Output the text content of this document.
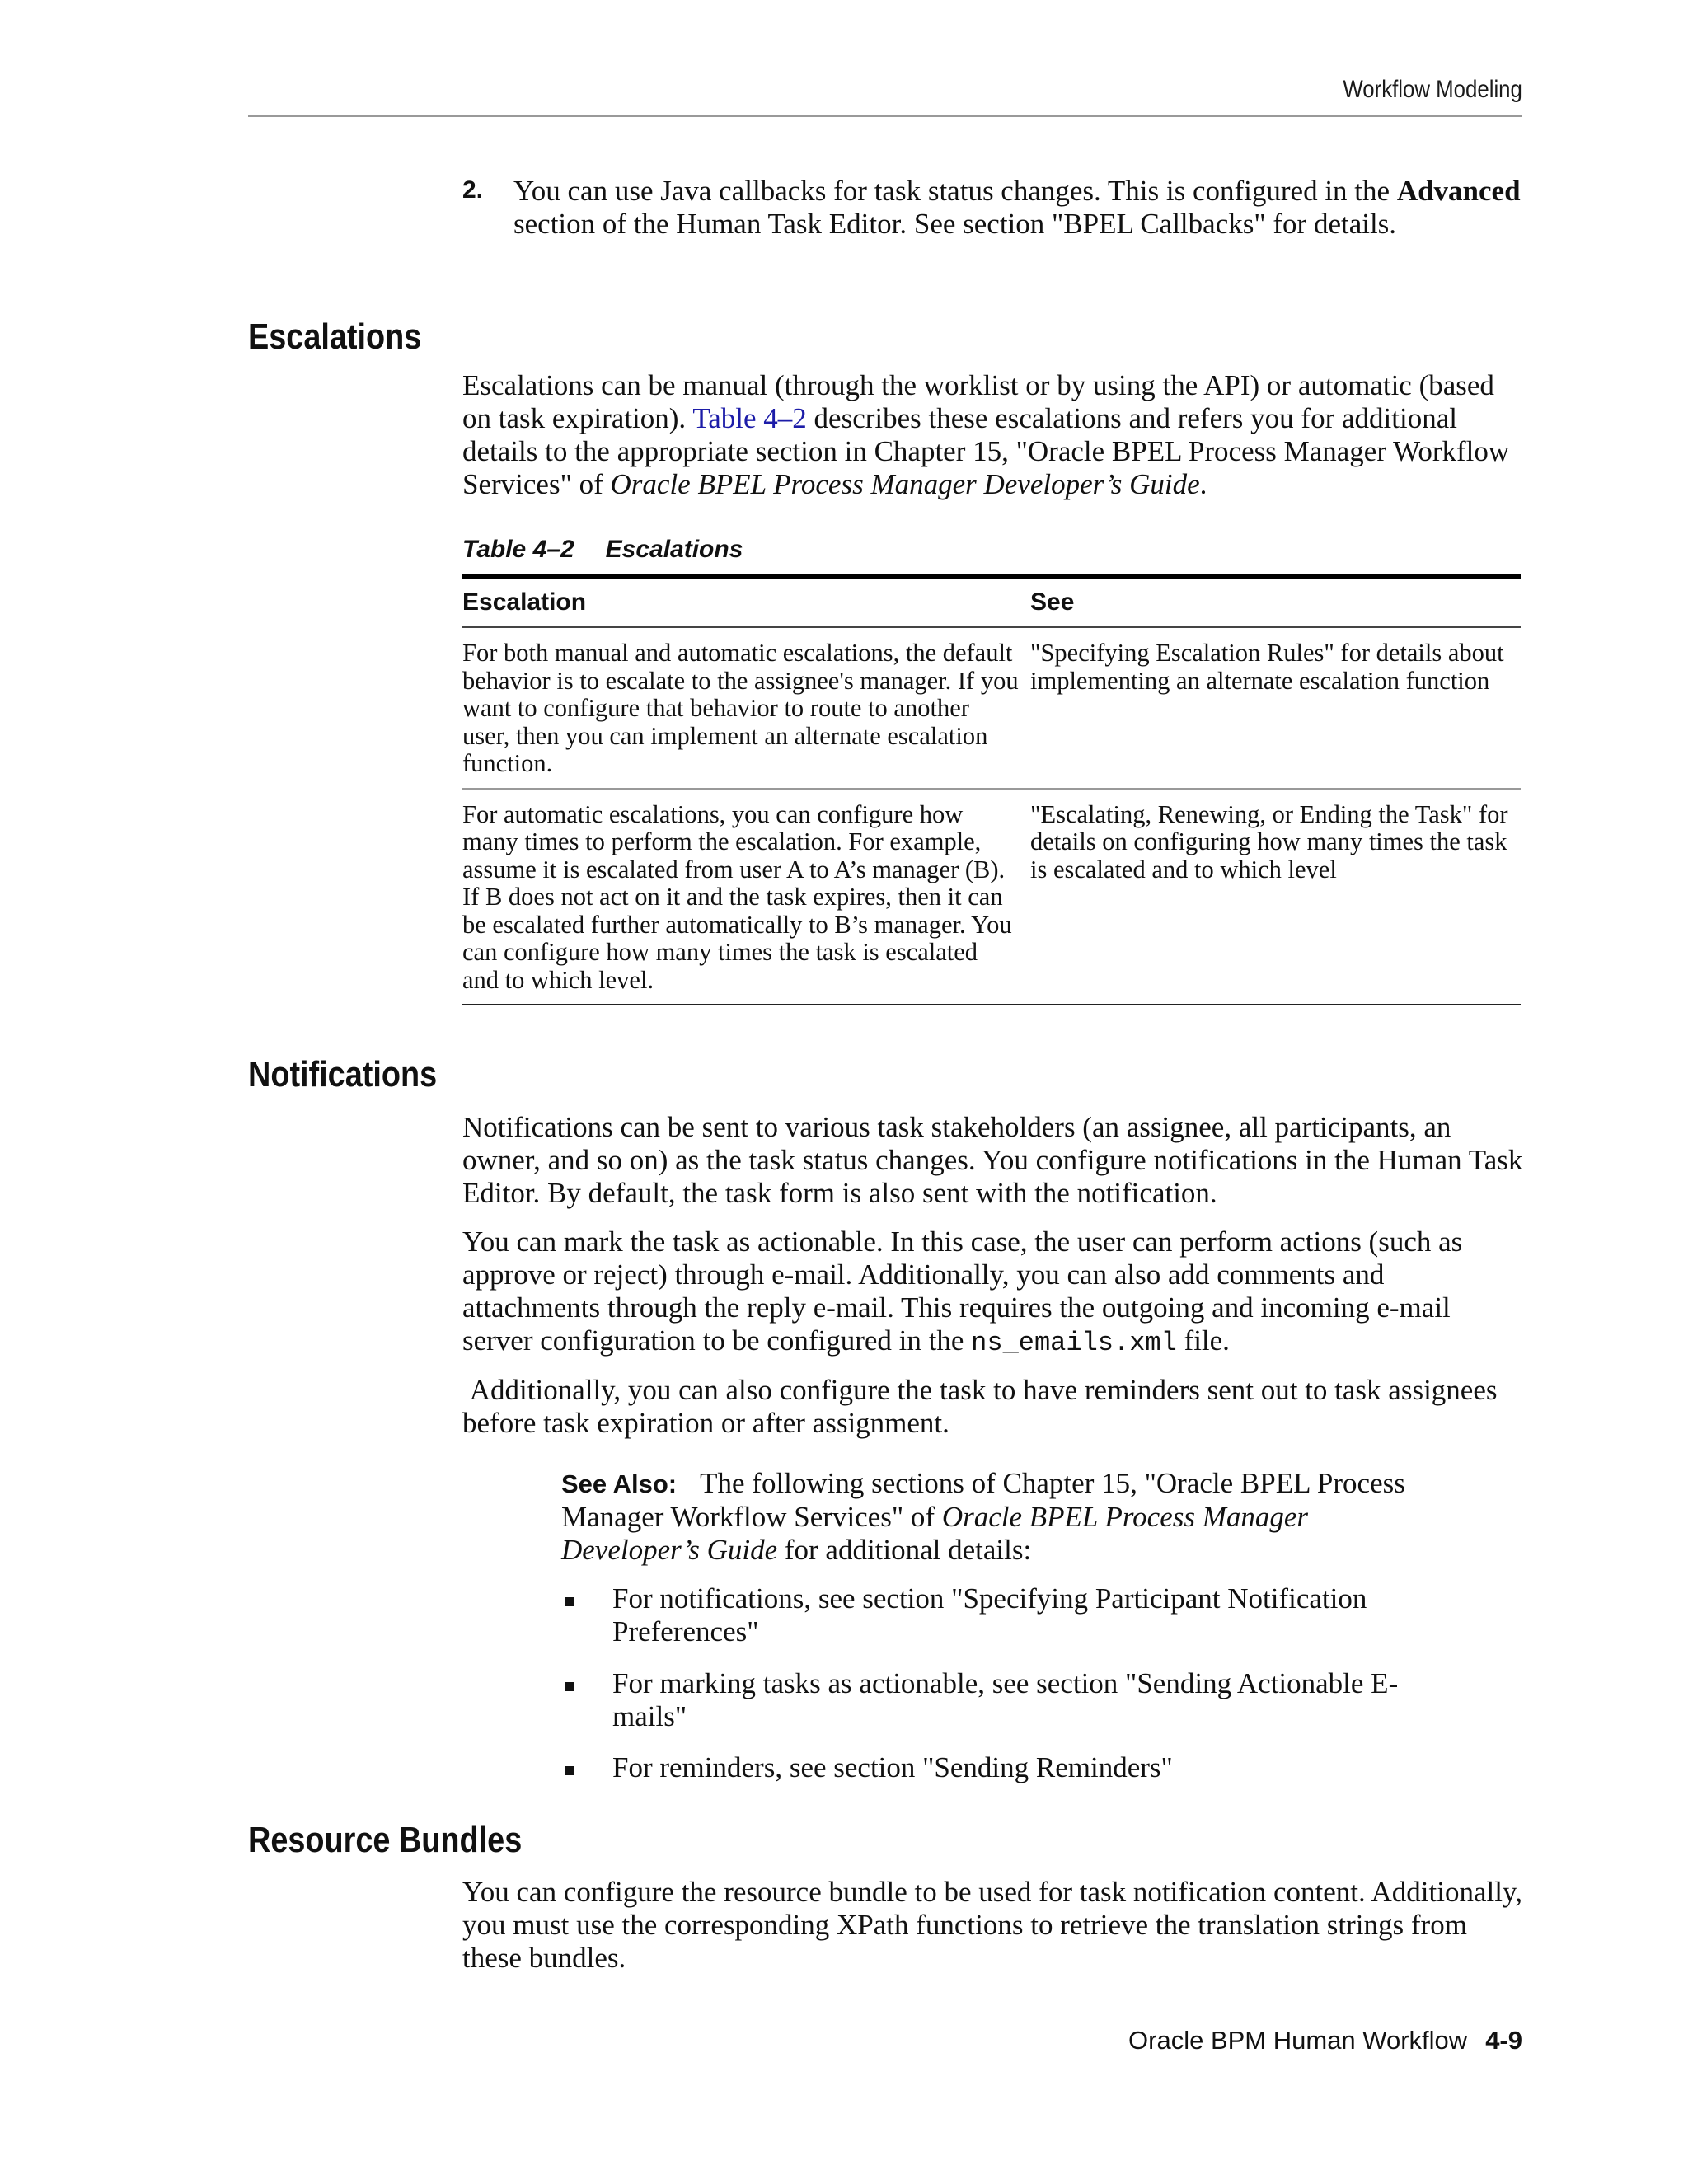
Workflow Modeling
2. You can use Java callbacks for task status changes. This is configured in the Advanced section of the Human Task Editor. See section "BPEL Callbacks" for details.
Escalations
Escalations can be manual (through the worklist or by using the API) or automatic (based on task expiration). Table 4–2 describes these escalations and refers you for additional details to the appropriate section in Chapter 15, "Oracle BPEL Process Manager Workflow Services" of Oracle BPEL Process Manager Developer’s Guide.
Table 4–2 Escalations
Escalation	See
For both manual and automatic escalations, the default behavior is to escalate to the assignee's manager. If you want to configure that behavior to route to another user, then you can implement an alternate escalation function.	"Specifying Escalation Rules" for details about implementing an alternate escalation function
For automatic escalations, you can configure how many times to perform the escalation. For example, assume it is escalated from user A to A’s manager (B). If B does not act on it and the task expires, then it can be escalated further automatically to B’s manager. You can configure how many times the task is escalated and to which level.	"Escalating, Renewing, or Ending the Task" for details on configuring how many times the task is escalated and to which level
Notifications
Notifications can be sent to various task stakeholders (an assignee, all participants, an owner, and so on) as the task status changes. You configure notifications in the Human Task Editor. By default, the task form is also sent with the notification.
You can mark the task as actionable. In this case, the user can perform actions (such as approve or reject) through e-mail. Additionally, you can also add comments and attachments through the reply e-mail. This requires the outgoing and incoming e-mail server configuration to be configured in the ns_emails.xml file.
Additionally, you can also configure the task to have reminders sent out to task assignees before task expiration or after assignment.
See Also: The following sections of Chapter 15, "Oracle BPEL Process Manager Workflow Services" of Oracle BPEL Process Manager Developer’s Guide for additional details:
For notifications, see section "Specifying Participant Notification Preferences"
For marking tasks as actionable, see section "Sending Actionable E-mails"
For reminders, see section "Sending Reminders"
Resource Bundles
You can configure the resource bundle to be used for task notification content. Additionally, you must use the corresponding XPath functions to retrieve the translation strings from these bundles.
Oracle BPM Human Workflow 4-9
